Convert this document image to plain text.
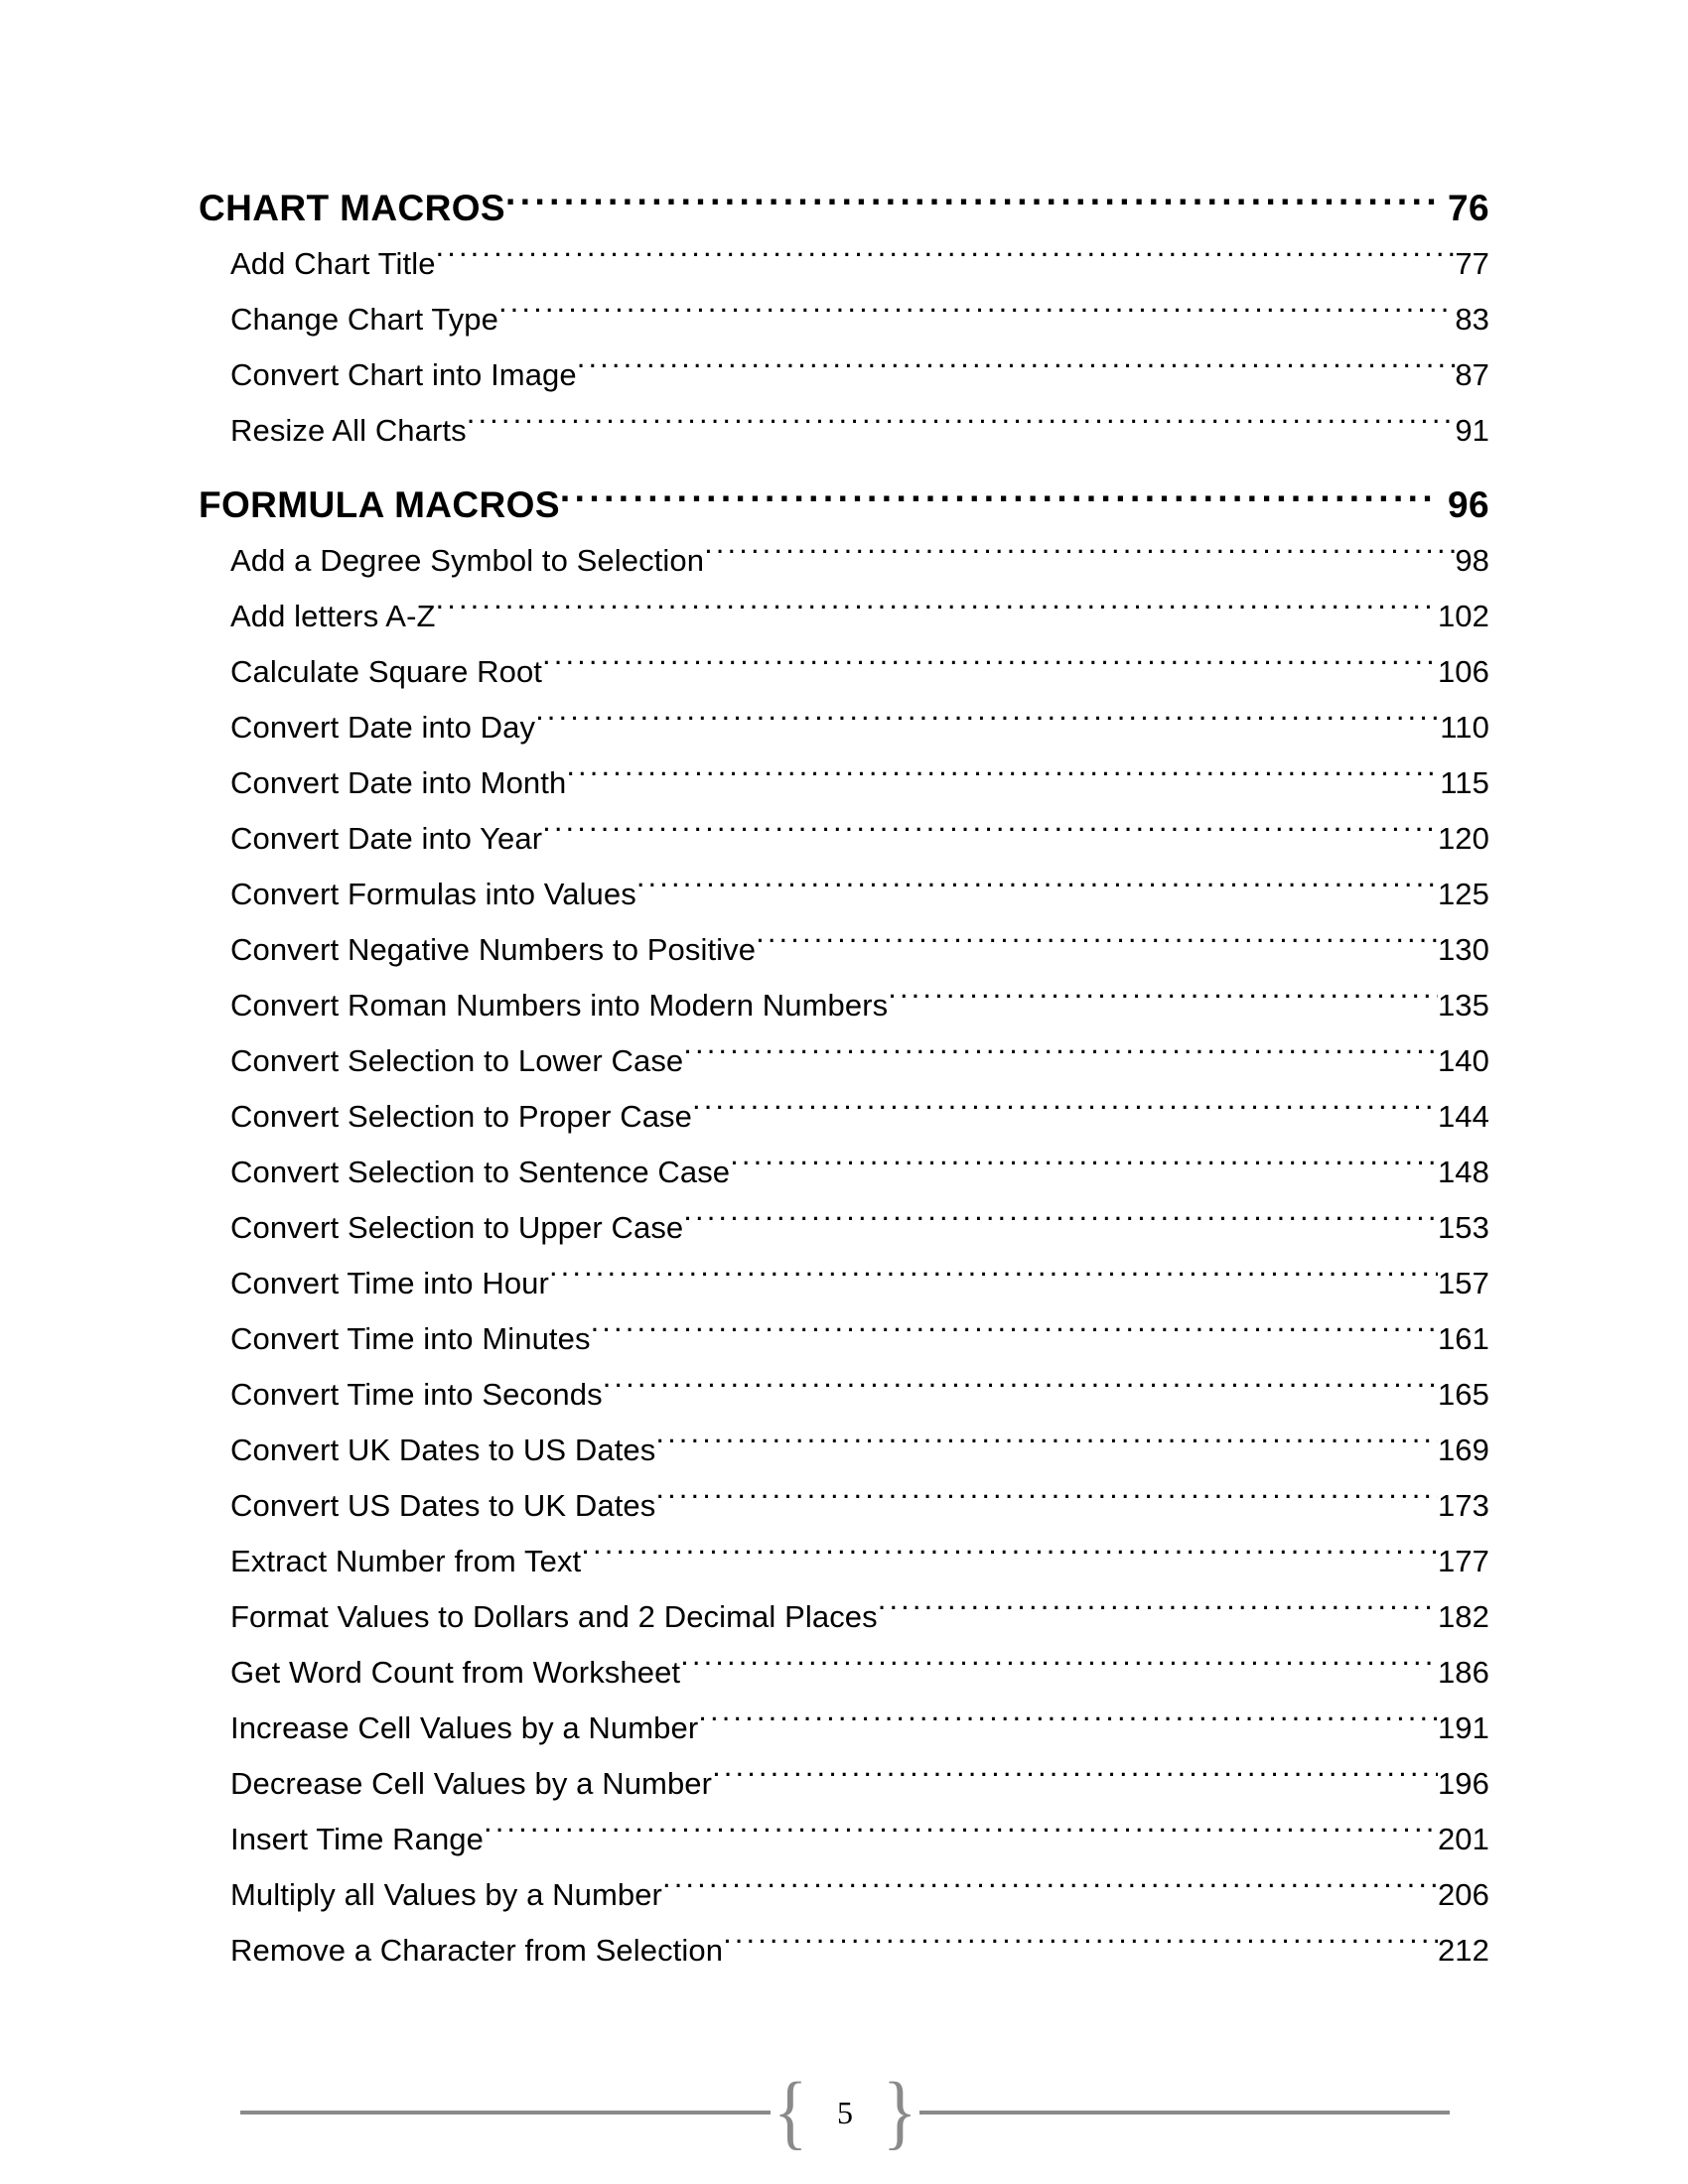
CHART MACROS .....	76
Add Chart Title .....	77
Change Chart Type .....	83
Convert Chart into Image .....	87
Resize All Charts .....	91
FORMULA MACROS .....	96
Add a Degree Symbol to Selection .....	98
Add letters A-Z .....	102
Calculate Square Root .....	106
Convert Date into Day .....	110
Convert Date into Month .....	115
Convert Date into Year .....	120
Convert Formulas into Values .....	125
Convert Negative Numbers to Positive .....	130
Convert Roman Numbers into Modern Numbers .....	135
Convert Selection to Lower Case .....	140
Convert Selection to Proper Case .....	144
Convert Selection to Sentence Case .....	148
Convert Selection to Upper Case .....	153
Convert Time into Hour .....	157
Convert Time into Minutes .....	161
Convert Time into Seconds .....	165
Convert UK Dates to US Dates .....	169
Convert US Dates to UK Dates .....	173
Extract Number from Text .....	177
Format Values to Dollars and 2 Decimal Places .....	182
Get Word Count from Worksheet .....	186
Increase Cell Values by a Number .....	191
Decrease Cell Values by a Number .....	196
Insert Time Range .....	201
Multiply all Values by a Number .....	206
Remove a Character from Selection .....	212
{ 5 }
